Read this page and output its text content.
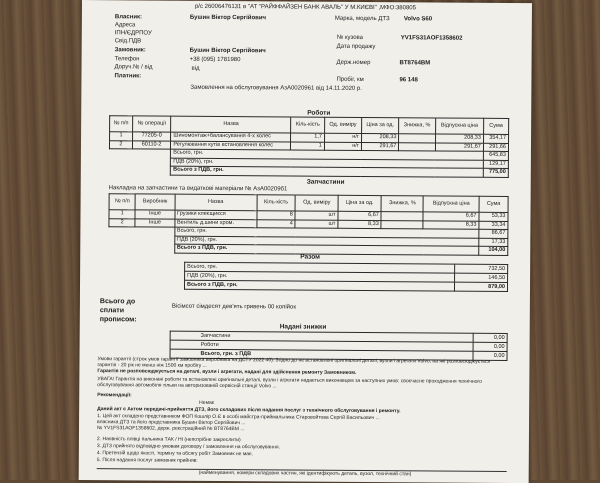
р/с 26006476131 в "АТ "РАЙФФАЙЗЕН БАНК АВАЛЬ" У М.КИЄВІ" ,МФО:380805
Власник:	Бушин Віктор Сергійович
Адреса
ІПН/ЄДРПОУ
Свід.ПДВ
Замовник:	Бушин Віктор Сергійович
Телефон	+38 (095) 1781980
Доруч.№ / від	від
Платник:
Марка, модель ДТЗ Volvo S60
№ кузова	YV1FS31AOF1358602
Дата продажу
Держ.номер	BT8764BM
Пробіг, км	96 148
Замовлення на обслуговування АзА0020961 від 14.11.2020 р.
Роботи
№ п/п	№ операції	Назва	Кіль-кість	Од. виміру	Ціна за од.	Знижка, %	Відпускна ціна	Сума
1	77205-0	Шиномонтаж+балансування 4-х колес	1,7	н/г	208,33		208,33	354,17
2	60110-2	Регулювання кутів встановлення колес	1	н/г	291,67		291,67	291,66
		Всього, грн.						645,83
		ПДВ (20%), грн.						129,17
		Всього з ПДВ, грн.						775,00
Запчастини
Накладна на запчастини та видаткові матеріали № АзА00209б1
№ п/п	Виробник	Назва	Кіль-кість	Од. виміру	Ціна за од.	Знижка, %	Відпускна ціна	Сума
1	Інше	Грузики клеєщиєся	8	шт	6,67		6,67	53,33
2	Інше	Вентиль д.шини хром.	4	шт	8,33		8,33	33,34
		Всього, грн.						86,67
		ПДВ (20%), грн.						17,33
		Всього з ПДВ, грн.						104,00
Разом
Всього, грн.	732,50
ПДВ (20%), грн.	146,50
Всього з ПДВ, грн.	879,00
Всього до сплати прописом:
Вісімсот сімдесят дев'ять гривень 00 копійок
Надані знижки
Запчастини	0,00
Роботи	0,00
Всього, грн. з ПДВ	0,00
Умови гарантії (строк умов гарантії замовника виробника на ДСТУ 2022 40): Згідно до не встановлені оригінальні деталі, вузли і агрегати Volvo, на які розповсюджується гарантія - 20 рік не менш ніж 1500 км пробігу ...
Гарантія не розповсюджується на деталі, вузли і агрегати, надані для здійснення ремонту Замовником.
УВАГА! Гарантія на виконані роботи та встановлені оригінальні деталі, вузли і агрегати надається виконавцем за наступних умов: своєчасне проходження технічного обслуговування автомобіля тільки на авторизованій сервісній станції Volvo ...
Рекомендації:
Немає
Даний акт є Актом передачі-прийняття ДТЗ, його складових після надання послуг з технічного обслуговування і ремонту.
1. Цей акт складено представником ФОП Кошлір О.Є в особі майстра-приймальника Старовойтова Сергій Васильович ...
власника ДТЗ та його представника Бушин Віктор Сергійович ...
№ YV1FS31AOF1358602, держ. реєстраційний № BT8764BM ...
2. Наявність плівці пальника ТАК / НІ (непотрібне закреслити)
3. ДТЗ прийнято відповідно умовам договору / замовлення на обслуговування.
4. Претензій щодо якості, терміну та обсягу робіт Замовник не має.
5. Після надання послуг замовник прийняв:
(найменування, номери складових частин, які ідентифікують деталь, вузол, технічний стан)
